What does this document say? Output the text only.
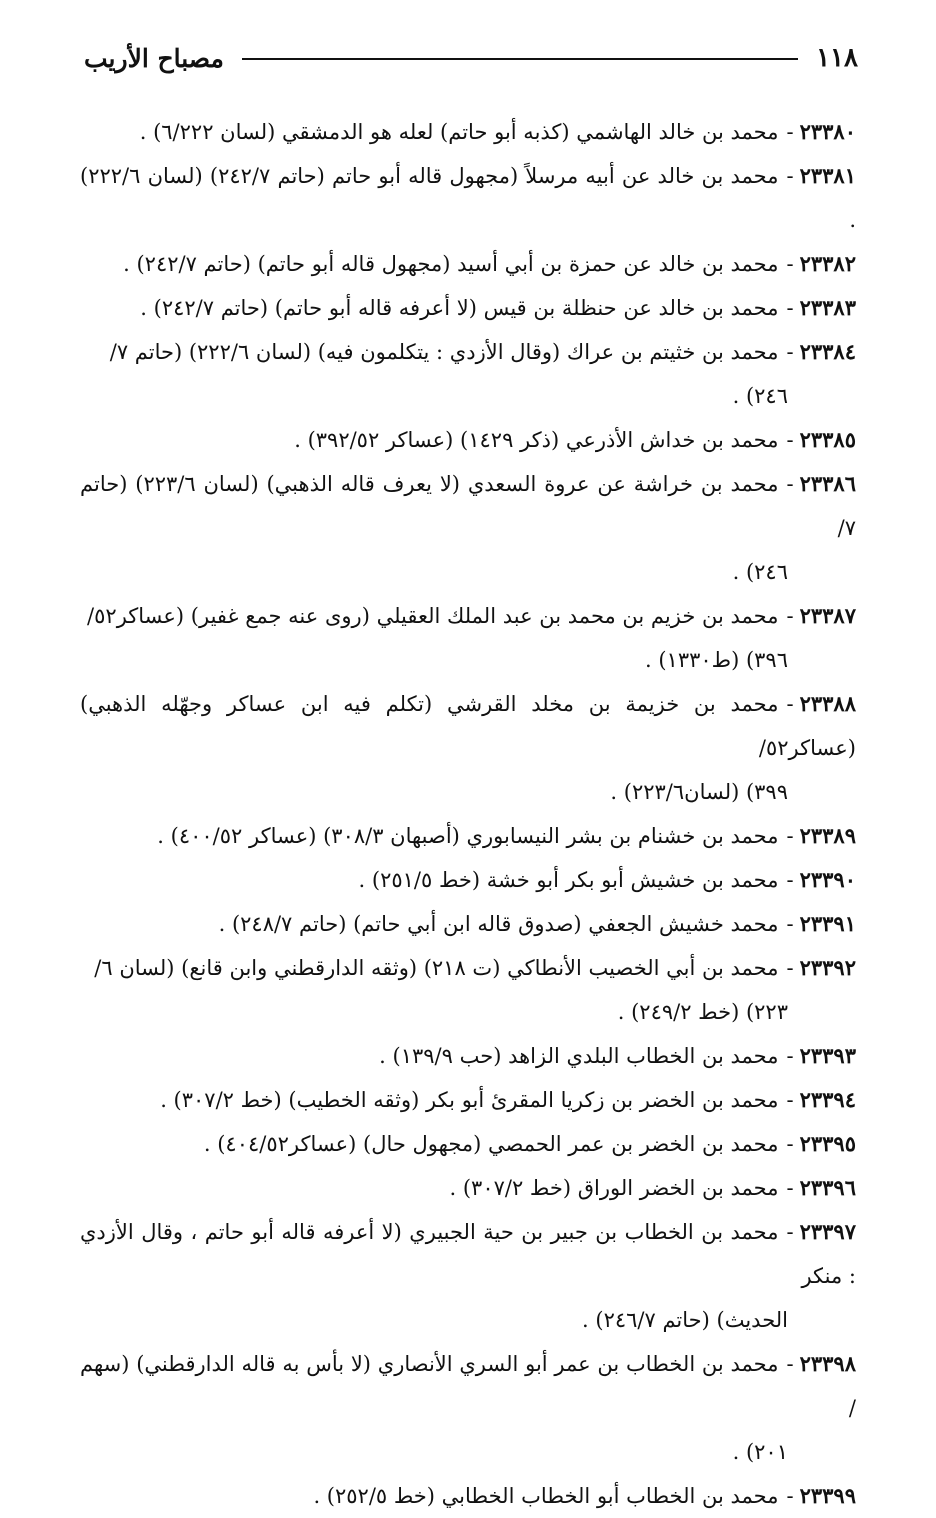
١١٨
مصباح الأريب

٢٣٣٨٠-محمد بن خالد الهاشمي (كذبه أبو حاتم) لعله هو الدمشقي (لسان ٦/٢٢٢) .

٢٣٣٨١-محمد بن خالد عن أبيه مرسلاً (مجهول قاله أبو حاتم (حاتم ٢٤٢/٧) (لسان ٢٢٢/٦) .

٢٣٣٨٢-محمد بن خالد عن حمزة بن أبي أسيد (مجهول قاله أبو حاتم) (حاتم ٢٤٢/٧) .

٢٣٣٨٣-محمد بن خالد عن حنظلة بن قيس (لا أعرفه قاله أبو حاتم) (حاتم ٢٤٢/٧) .

٢٣٣٨٤-محمد بن خثيتم بن عراك (وقال الأزدي : يتكلمون فيه) (لسان ٢٢٢/٦) (حاتم ٧/
٢٤٦) .

٢٣٣٨٥-محمد بن خداش الأذرعي (ذكر ١٤٢٩) (عساكر ٣٩٢/٥٢) .

٢٣٣٨٦-محمد بن خراشة عن عروة السعدي (لا يعرف قاله الذهبي) (لسان ٢٢٣/٦) (حاتم ٧/
٢٤٦) .

٢٣٣٨٧-محمد بن خزيم بن محمد بن عبد الملك العقيلي (روى عنه جمع غفير) (عساكر٥٢/
٣٩٦) (ط١٣٣٠) .

٢٣٣٨٨-محمد بن خزيمة بن مخلد القرشي (تكلم فيه ابن عساكر وجهّله الذهبي) (عساكر٥٢/
٣٩٩) (لسان٢٢٣/٦) .

٢٣٣٨٩-محمد بن خشنام بن بشر النيسابوري (أصبهان ٣٠٨/٣) (عساكر ٤٠٠/٥٢) .

٢٣٣٩٠-محمد بن خشيش أبو بكر أبو خشة (خط ٢٥١/٥) .

٢٣٣٩١-محمد خشيش الجعفي (صدوق قاله ابن أبي حاتم) (حاتم ٢٤٨/٧) .

٢٣٣٩٢-محمد بن أبي الخصيب الأنطاكي (ت ٢١٨) (وثقه الدارقطني وابن قانع) (لسان ٦/
٢٢٣) (خط ٢٤٩/٢) .

٢٣٣٩٣-محمد بن الخطاب البلدي الزاهد (حب ١٣٩/٩) .

٢٣٣٩٤-محمد بن الخضر بن زكريا المقرئ أبو بكر (وثقه الخطيب) (خط ٣٠٧/٢) .

٢٣٣٩٥-محمد بن الخضر بن عمر الحمصي (مجهول حال) (عساكر٤٠٤/٥٢) .

٢٣٣٩٦-محمد بن الخضر الوراق (خط ٣٠٧/٢) .

٢٣٣٩٧-محمد بن الخطاب بن جبير بن حية الجبيري (لا أعرفه قاله أبو حاتم ، وقال الأزدي : منكر
الحديث) (حاتم ٢٤٦/٧) .

٢٣٣٩٨-محمد بن الخطاب بن عمر أبو السري الأنصاري (لا بأس به قاله الدارقطني) (سهم /
٢٠١) .

٢٣٣٩٩-محمد بن الخطاب أبو الخطاب الخطابي (خط ٢٥٢/٥) .
